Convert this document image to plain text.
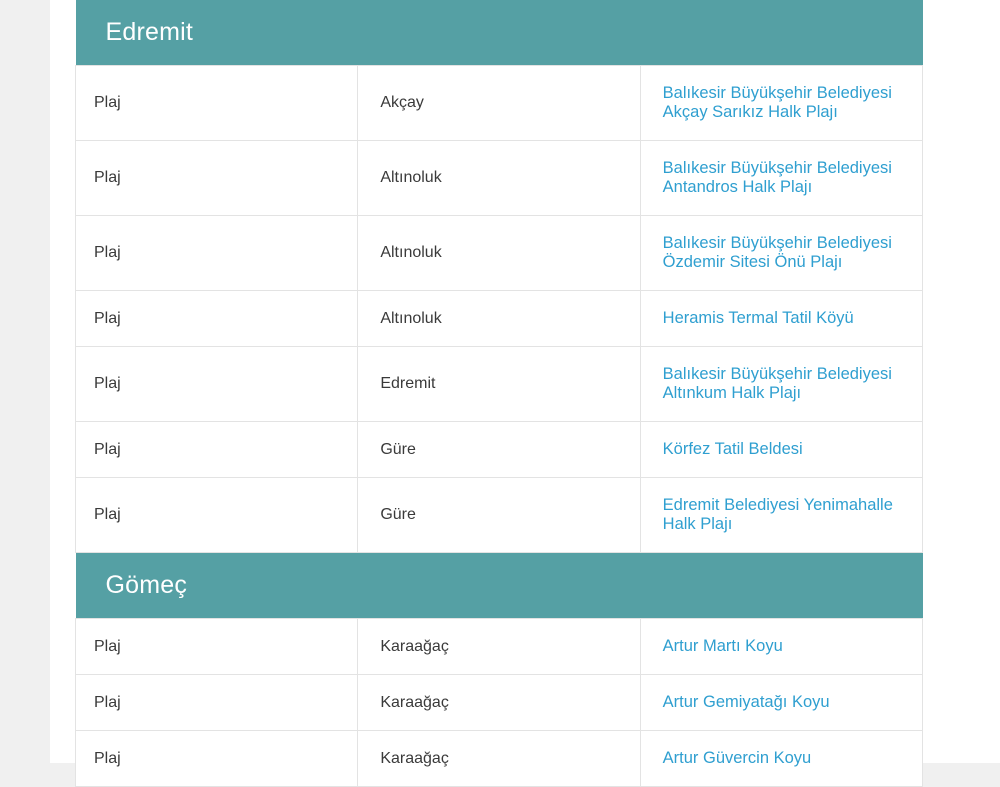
Edremit		
Plaj	Akçay	Balıkesir Büyükşehir Belediyesi Akçay Sarıkız Halk Plajı
Plaj	Altınoluk	Balıkesir Büyükşehir Belediyesi Antandros Halk Plajı
Plaj	Altınoluk	Balıkesir Büyükşehir Belediyesi Özdemir Sitesi Önü Plajı
Plaj	Altınoluk	Heramis Termal Tatil Köyü
Plaj	Edremit	Balıkesir Büyükşehir Belediyesi Altınkum Halk Plajı
Plaj	Güre	Körfez Tatil Beldesi
Plaj	Güre	Edremit Belediyesi Yenimahalle Halk Plajı
Gömeç		
Plaj	Karaağaç	Artur Martı Koyu
Plaj	Karaağaç	Artur Gemiyatağı Koyu
Plaj	Karaağaç	Artur Güvercin Koyu
